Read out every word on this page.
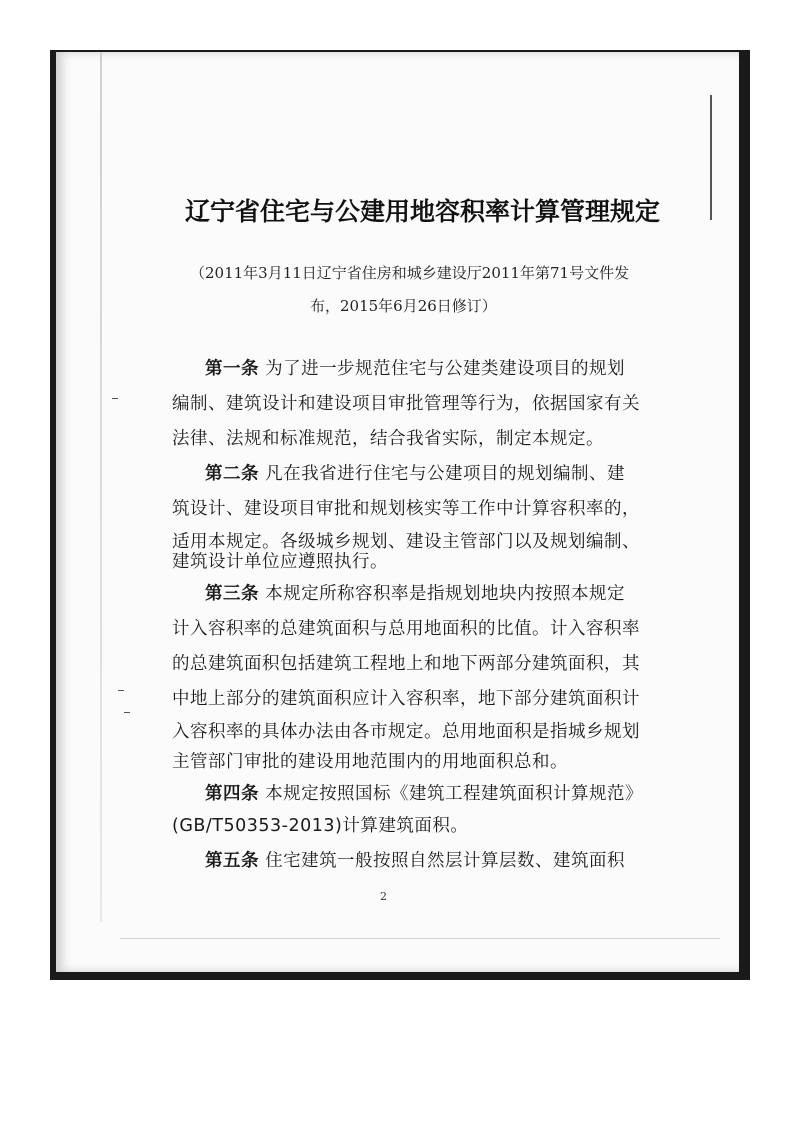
辽宁省住宅与公建用地容积率计算管理规定
（2011年3月11日辽宁省住房和城乡建设厅2011年第71号文件发
布，2015年6月26日修订）
第一条 为了进一步规范住宅与公建类建设项目的规划
编制、建筑设计和建设项目审批管理等行为，依据国家有关
法律、法规和标准规范，结合我省实际，制定本规定。
第二条 凡在我省进行住宅与公建项目的规划编制、建
筑设计、建设项目审批和规划核实等工作中计算容积率的，
适用本规定。各级城乡规划、建设主管部门以及规划编制、
建筑设计单位应遵照执行。
第三条 本规定所称容积率是指规划地块内按照本规定
计入容积率的总建筑面积与总用地面积的比值。计入容积率
的总建筑面积包括建筑工程地上和地下两部分建筑面积，其
中地上部分的建筑面积应计入容积率，地下部分建筑面积计
入容积率的具体办法由各市规定。总用地面积是指城乡规划
主管部门审批的建设用地范围内的用地面积总和。
第四条 本规定按照国标《建筑工程建筑面积计算规范》
(GB/T50353-2013)计算建筑面积。
第五条 住宅建筑一般按照自然层计算层数、建筑面积
2
